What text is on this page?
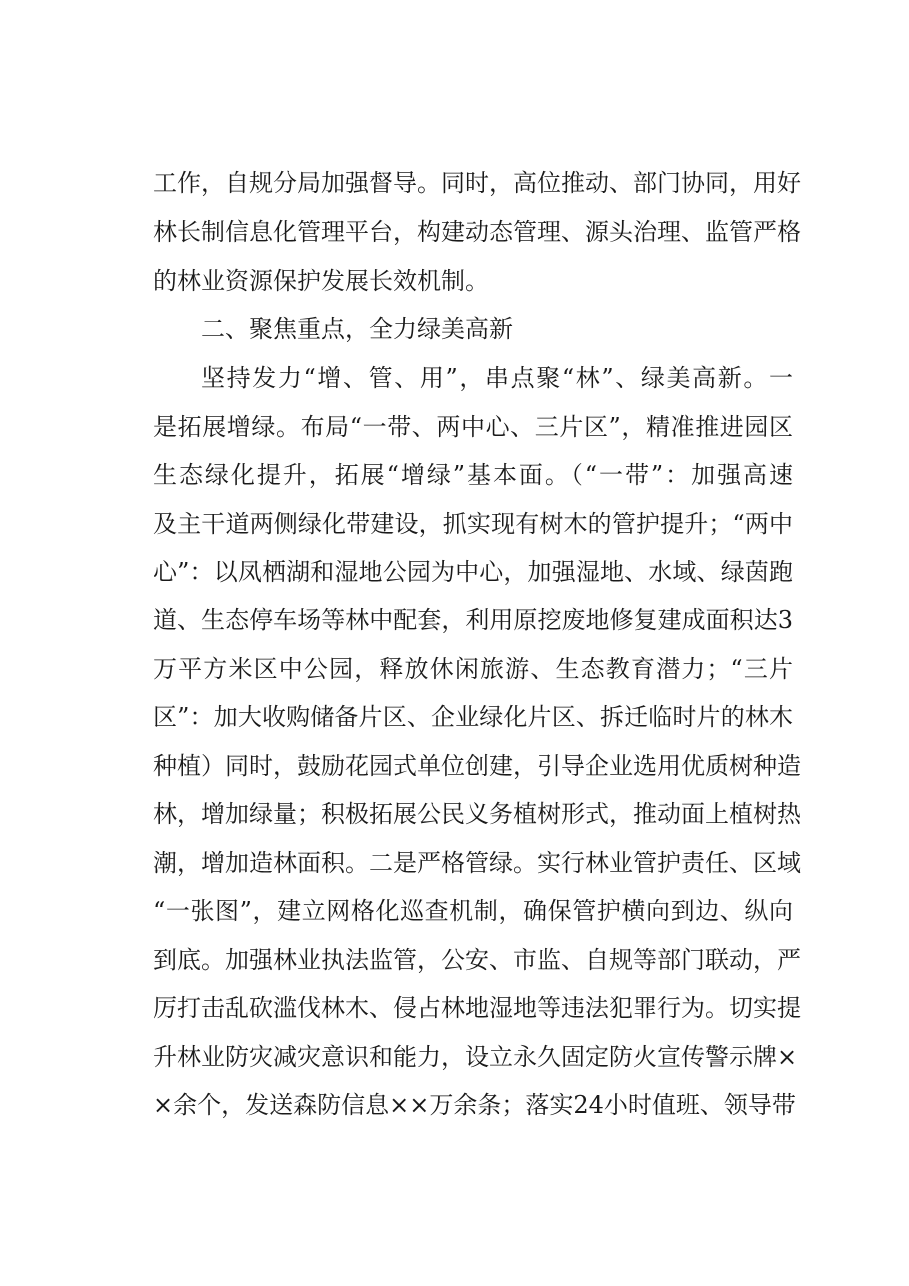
工作，自规分局加强督导。同时，高位推动、部门协同，用好
林长制信息化管理平台，构建动态管理、源头治理、监管严格
的林业资源保护发展长效机制。
二、聚焦重点，全力绿美高新
坚持发力“增、管、用”，串点聚“林”、绿美高新。一
是拓展增绿。布局“一带、两中心、三片区”，精准推进园区
生态绿化提升，拓展“增绿”基本面。（“一带”：加强高速
及主干道两侧绿化带建设，抓实现有树木的管护提升；“两中
心”：以凤栖湖和湿地公园为中心，加强湿地、水域、绿茵跑
道、生态停车场等林中配套，利用原挖废地修复建成面积达3
万平方米区中公园，释放休闲旅游、生态教育潜力；“三片
区”：加大收购储备片区、企业绿化片区、拆迁临时片的林木
种植）同时，鼓励花园式单位创建，引导企业选用优质树种造
林，增加绿量；积极拓展公民义务植树形式，推动面上植树热
潮，增加造林面积。二是严格管绿。实行林业管护责任、区域
“一张图”，建立网格化巡查机制，确保管护横向到边、纵向
到底。加强林业执法监管，公安、市监、自规等部门联动，严
厉打击乱砍滥伐林木、侵占林地湿地等违法犯罪行为。切实提
升林业防灾减灾意识和能力，设立永久固定防火宣传警示牌×
×余个，发送森防信息××万余条；落实24小时值班、领导带
